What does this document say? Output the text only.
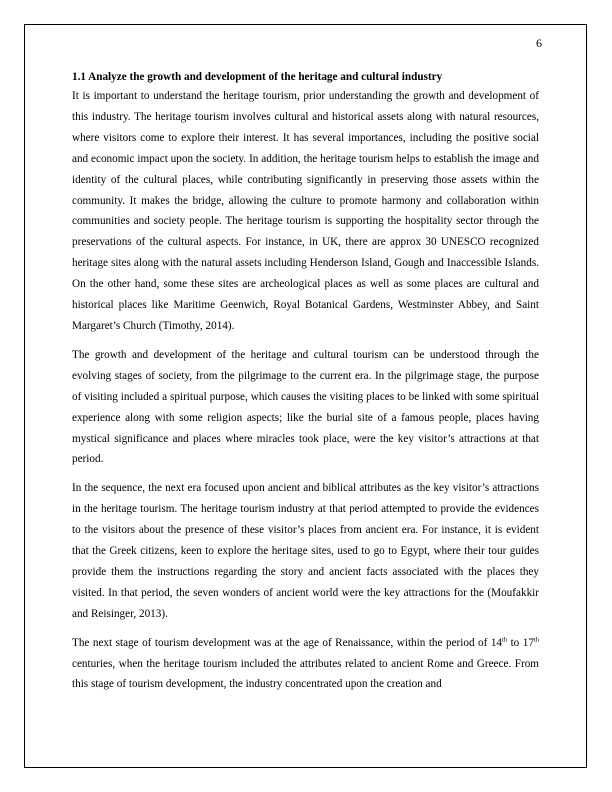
6

1.1 Analyze the growth and development of the heritage and cultural industry

It is important to understand the heritage tourism, prior understanding the growth and development of this industry. The heritage tourism involves cultural and historical assets along with natural resources, where visitors come to explore their interest. It has several importances, including the positive social and economic impact upon the society. In addition, the heritage tourism helps to establish the image and identity of the cultural places, while contributing significantly in preserving those assets within the community. It makes the bridge, allowing the culture to promote harmony and collaboration within communities and society people. The heritage tourism is supporting the hospitality sector through the preservations of the cultural aspects. For instance, in UK, there are approx 30 UNESCO recognized heritage sites along with the natural assets including Henderson Island, Gough and Inaccessible Islands. On the other hand, some these sites are archeological places as well as some places are cultural and historical places like Maritime Geenwich, Royal Botanical Gardens, Westminster Abbey, and Saint Margaret’s Church (Timothy, 2014).

The growth and development of the heritage and cultural tourism can be understood through the evolving stages of society, from the pilgrimage to the current era. In the pilgrimage stage, the purpose of visiting included a spiritual purpose, which causes the visiting places to be linked with some spiritual experience along with some religion aspects; like the burial site of a famous people, places having mystical significance and places where miracles took place, were the key visitor’s attractions at that period.

In the sequence, the next era focused upon ancient and biblical attributes as the key visitor’s attractions in the heritage tourism. The heritage tourism industry at that period attempted to provide the evidences to the visitors about the presence of these visitor’s places from ancient era. For instance, it is evident that the Greek citizens, keen to explore the heritage sites, used to go to Egypt, where their tour guides provide them the instructions regarding the story and ancient facts associated with the places they visited. In that period, the seven wonders of ancient world were the key attractions for the (Moufakkir and Reisinger, 2013).

The next stage of tourism development was at the age of Renaissance, within the period of 14th to 17th centuries, when the heritage tourism included the attributes related to ancient Rome and Greece. From this stage of tourism development, the industry concentrated upon the creation and
